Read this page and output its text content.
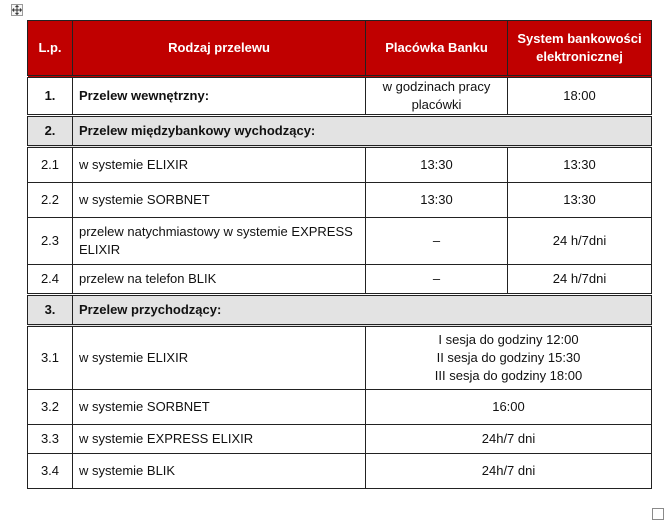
L.p.	Rodzaj przelewu	Placówka Banku	System bankowości elektronicznej
1.	Przelew wewnętrzny:	w godzinach pracy placówki	18:00
2.	Przelew międzybankowy wychodzący:		
2.1	w systemie ELIXIR	13:30	13:30
2.2	w systemie SORBNET	13:30	13:30
2.3	przelew natychmiastowy w systemie EXPRESS ELIXIR	–	24 h/7dni
2.4	przelew na telefon BLIK	–	24 h/7dni
3.	Przelew przychodzący:		
3.1	w systemie ELIXIR	I sesja do godziny 12:00
II sesja do godziny 15:30
III sesja do godziny 18:00	

3.2	w systemie SORBNET	16:00	
3.3	w systemie EXPRESS ELIXIR	24h/7 dni	
3.4	w systemie BLIK	24h/7 dni	
